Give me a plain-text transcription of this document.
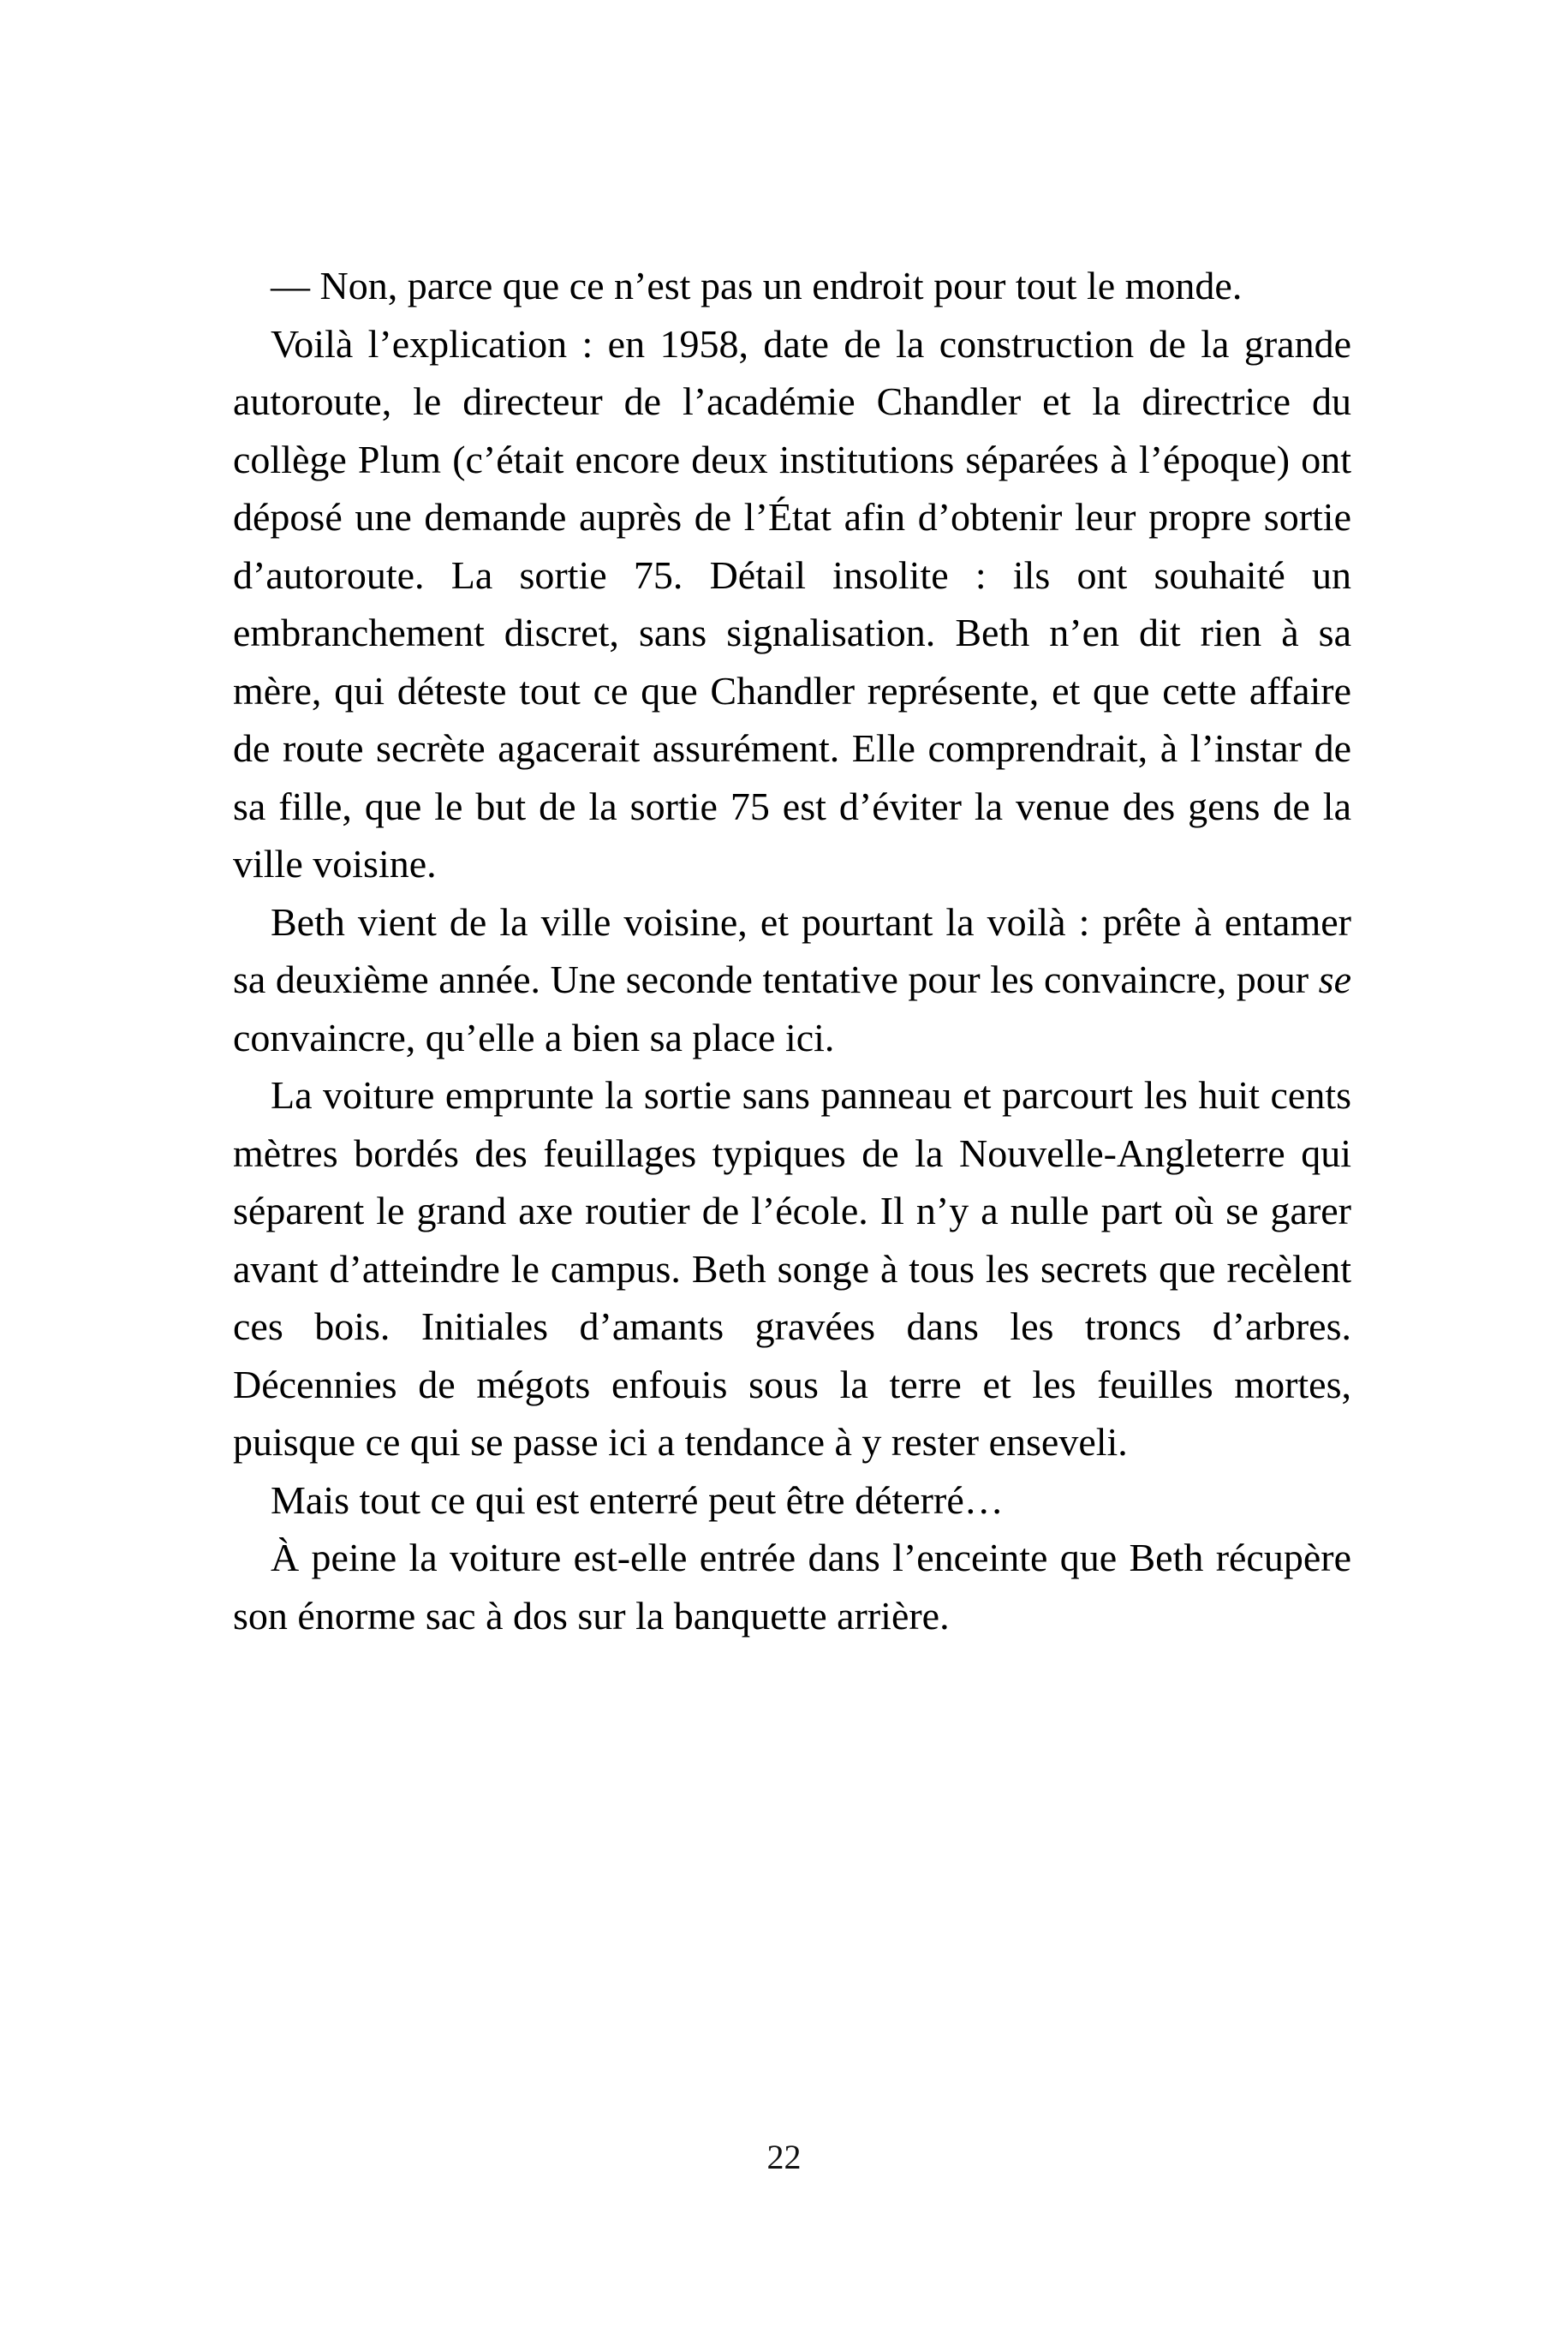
— Non, parce que ce n’est pas un endroit pour tout le monde.

Voilà l’explication : en 1958, date de la construction de la grande autoroute, le directeur de l’académie Chandler et la directrice du collège Plum (c’était encore deux institutions séparées à l’époque) ont déposé une demande auprès de l’État afin d’obtenir leur propre sortie d’autoroute. La sortie 75. Détail insolite : ils ont souhaité un embranchement discret, sans signalisation. Beth n’en dit rien à sa mère, qui déteste tout ce que Chandler représente, et que cette affaire de route secrète agacerait assurément. Elle comprendrait, à l’instar de sa fille, que le but de la sortie 75 est d’éviter la venue des gens de la ville voisine.

Beth vient de la ville voisine, et pourtant la voilà : prête à entamer sa deuxième année. Une seconde tentative pour les convaincre, pour se convaincre, qu’elle a bien sa place ici.

La voiture emprunte la sortie sans panneau et parcourt les huit cents mètres bordés des feuillages typiques de la Nouvelle-Angleterre qui séparent le grand axe routier de l’école. Il n’y a nulle part où se garer avant d’atteindre le campus. Beth songe à tous les secrets que recèlent ces bois. Initiales d’amants gravées dans les troncs d’arbres. Décennies de mégots enfouis sous la terre et les feuilles mortes, puisque ce qui se passe ici a tendance à y rester enseveli.

Mais tout ce qui est enterré peut être déterré…

À peine la voiture est-elle entrée dans l’enceinte que Beth récupère son énorme sac à dos sur la banquette arrière.

22
